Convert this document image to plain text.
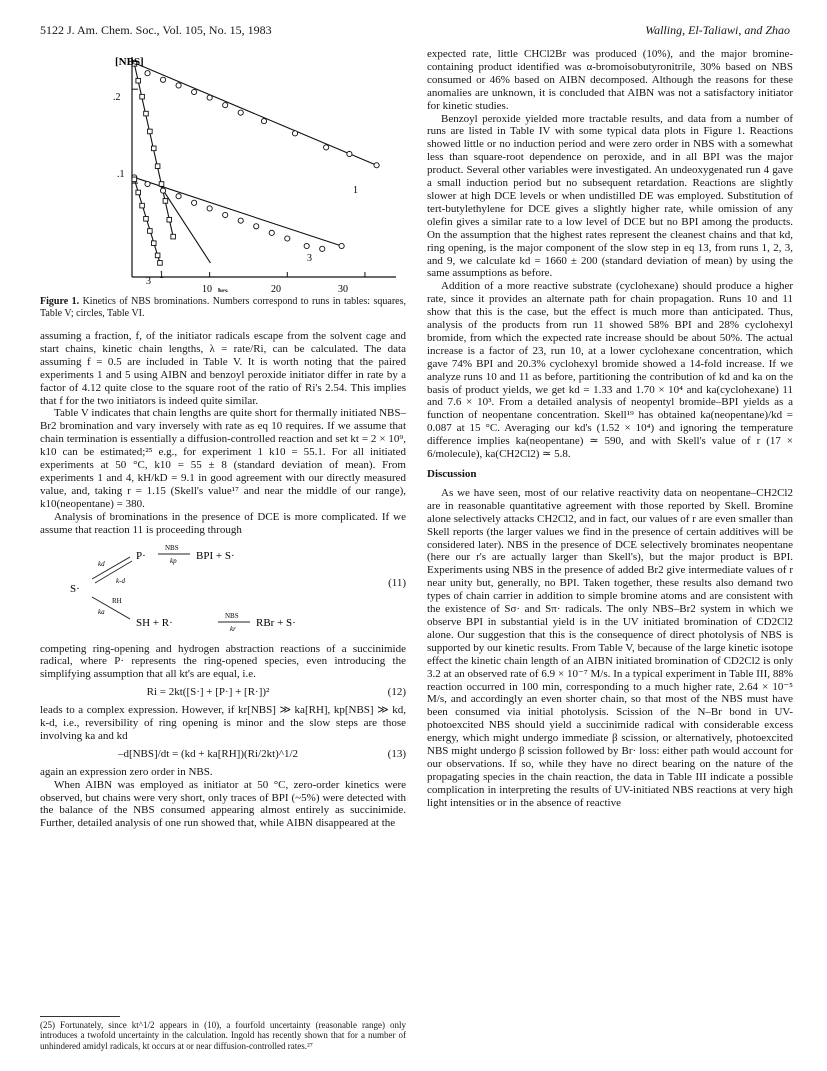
5122 J. Am. Chem. Soc., Vol. 105, No. 15, 1983	Walling, El-Taliawi, and Zhao
[NBS]
.2
.1
10	20	30
hrs.
1
3
1
3
Figure 1. Kinetics of NBS brominations. Numbers correspond to runs in tables: squares, Table V; circles, Table VI.

assuming a fraction, f, of the initiator radicals escape from the solvent cage and start chains, kinetic chain lengths, λ = rate/Ri, can be calculated. The data assuming f = 0.5 are included in Table V. It is worth noting that the paired experiments 1 and 5 using AIBN and benzoyl peroxide initiator differ in rate by a factor of 4.12 quite close to the square root of the ratio of Ri's 2.54. This implies that f for the two initiators is indeed quite similar.

Table V indicates that chain lengths are quite short for thermally initiated NBS–Br2 bromination and vary inversely with rate as eq 10 requires. If we assume that chain termination is essentially a diffusion-controlled reaction and set kt = 2 × 10⁹, k10 can be estimated;²⁵ e.g., for experiment 1 k10 = 55.1. For all initiated experiments at 50 °C, k10 = 55 ± 8 (standard deviation of mean). From experiments 1 and 4, kH/kD = 9.1 in good agreement with our directly measured value, and, taking r = 1.15 (Skell's value¹⁷ and near the middle of our range), k10(neopentane) = 380.

Analysis of brominations in the presence of DCE is more complicated. If we assume that reaction 11 is proceeding through

P·
NBS
kp BPI + S·
kd
k-d
S·
RH
ka
SH + R·
NBS
kr RBr + S·
(11)

competing ring-opening and hydrogen abstraction reactions of a succinimide radical, where P· represents the ring-opened species, even introducing the simplifying assumption that all kt's are equal, i.e.

Ri = 2kt([S·] + [P·] + [R·])²	(12)

leads to a complex expression. However, if kr[NBS] ≫ ka[RH], kp[NBS] ≫ kd, k-d, i.e., reversibility of ring opening is minor and the slow steps are those involving ka and kd

–d[NBS]/dt = (kd + ka[RH])(Ri/2kt)^1/2	(13)

again an expression zero order in NBS.

When AIBN was employed as initiator at 50 °C, zero-order kinetics were observed, but chains were very short, only traces of BPI (~5%) were detected with the balance of the NBS consumed appearing almost entirely as succinimide. Further, detailed analysis of one run showed that, while AIBN disappeared at the

(25) Fortunately, since kt^1/2 appears in (10), a fourfold uncertainty (reasonable range) only introduces a twofold uncertainty in the calculation. Ingold has recently shown that for a number of unhindered amidyl radicals, kt occurs at or near diffusion-controlled rates.²⁷

expected rate, little CHCl2Br was produced (10%), and the major bromine-containing product identified was α-bromoisobutyronitrile, 30% based on NBS consumed or 46% based on AIBN decomposed. Although the reasons for these anomalies are unknown, it is concluded that AIBN was not a satisfactory initiator for kinetic studies.

Benzoyl peroxide yielded more tractable results, and data from a number of runs are listed in Table IV with some typical data plots in Figure 1. Reactions showed little or no induction period and were zero order in NBS with a somewhat less than square-root dependence on peroxide, and in all BPI was the major product. Several other variables were investigated. An undeoxygenated run 4 gave a small induction period but no subsequent retardation. Reactions are slightly slower at high DCE levels or when undistilled DE was employed. Substitution of tert-butylethylene for DCE gives a slightly higher rate, while omission of any olefin gives a similar rate to a low level of DCE but no BPI among the products. On the assumption that the highest rates represent the cleanest chains and that kd, ring opening, is the major component of the slow step in eq 13, from runs 1, 2, 3, and 9, we calculate kd = 1660 ± 200 (standard deviation of mean) by using the same assumptions as before.

Addition of a more reactive substrate (cyclohexane) should produce a higher rate, since it provides an alternate path for chain propagation. Runs 10 and 11 show that this is the case, but the effect is much more than anticipated. Thus, analysis of the products from run 11 showed 58% BPI and 28% cyclohexyl bromide, from which the expected rate increase should be about 50%. The actual increase is a factor of 23, run 10, at a lower cyclohexane concentration, which gave 74% BPI and 20.3% cyclohexyl bromide showed a 14-fold increase. If we analyze runs 10 and 11 as before, partitioning the contribution of kd and ka on the basis of product yields, we get kd = 1.33 and 1.70 × 10⁴ and ka(cyclohexane) 11 and 7.6 × 10³. From a detailed analysis of neopentyl bromide–BPI yields as a function of neopentane concentration. Skell¹⁹ has obtained ka(neopentane)/kd = 0.087 at 15 °C. Averaging our kd's (1.52 × 10⁴) and ignoring the temperature difference implies ka(neopentane) ≃ 590, and with Skell's value of r (17 × 6/molecule), ka(CH2Cl2) ≃ 5.8.

Discussion

As we have seen, most of our relative reactivity data on neopentane–CH2Cl2 are in reasonable quantitative agreement with those reported by Skell. Bromine alone selectively attacks CH2Cl2, and in fact, our values of r are even smaller than Skell reports (the larger values we find in the presence of certain additives will be considered later). NBS in the presence of DCE selectively brominates neopentane (here our r's are actually larger than Skell's), but the major product is BPI. Experiments using NBS in the presence of added Br2 give intermediate values of r near unity but, generally, no BPI. Taken together, these results also demand two types of chain carrier in addition to simple bromine atoms and are consistent with the existence of Sσ· and Sπ· radicals. The only NBS–Br2 system in which we observe BPI in substantial yield is in the UV initiated bromination of CD2Cl2 alone. Our suggestion that this is the consequence of direct photolysis of NBS is supported by our kinetic results. From Table V, because of the large kinetic isotope effect the kinetic chain length of an AIBN initiated bromination of CD2Cl2 is only 3.2 at an observed rate of 6.9 × 10⁻⁷ M/s. In a typical experiment in Table III, 88% reaction occurred in 100 min, corresponding to a much higher rate, 2.64 × 10⁻⁵ M/s, and accordingly an even shorter chain, so that most of the NBS must have been consumed via initial photolysis. Scission of the N–Br bond in UV-photoexcited NBS should yield a succinimide radical with considerable excess energy, which might undergo immediate β scission, or alternatively, photoexcited NBS might undergo β scission followed by Br· loss: either path would account for our observations. If so, while they have no direct bearing on the nature of the propagating species in the chain reaction, the data in Table III indicate a possible complication in interpreting the results of UV-initiated NBS reactions at very high light intensities or in the absence of reactive
